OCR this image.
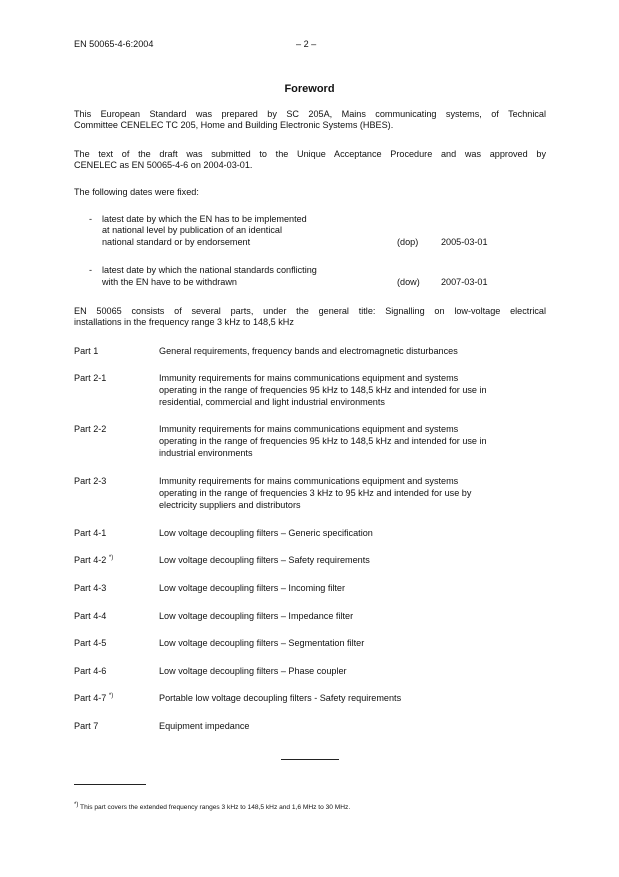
EN 50065-4-6:2004	– 2 –
Foreword
This European Standard was prepared by SC 205A, Mains communicating systems, of Technical
Committee CENELEC TC 205, Home and Building Electronic Systems (HBES).
The text of the draft was submitted to the Unique Acceptance Procedure and was approved by
CENELEC as EN 50065-4-6 on 2004-03-01.
The following dates were fixed:
- latest date by which the EN has to be implemented
at national level by publication of an identical
national standard or by endorsement	(dop)	2005-03-01
- latest date by which the national standards conflicting
with the EN have to be withdrawn	(dow) 2007-03-01
EN 50065 consists of several parts, under the general title: Signalling on low-voltage electrical
installations in the frequency range 3 kHz to 148,5 kHz
Part 1	General requirements, frequency bands and electromagnetic disturbances
Part 2-1	Immunity requirements for mains communications equipment and systems
operating in the range of frequencies 95 kHz to 148,5 kHz and intended for use in
residential, commercial and light industrial environments
Part 2-2	Immunity requirements for mains communications equipment and systems
operating in the range of frequencies 95 kHz to 148,5 kHz and intended for use in
industrial environments
Part 2-3	Immunity requirements for mains communications equipment and systems
operating in the range of frequencies 3 kHz to 95 kHz and intended for use by
electricity suppliers and distributors
Part 4-1	Low voltage decoupling filters – Generic specification
Part 4-2 *)	Low voltage decoupling filters – Safety requirements
Part 4-3	Low voltage decoupling filters – Incoming filter
Part 4-4	Low voltage decoupling filters – Impedance filter
Part 4-5	Low voltage decoupling filters – Segmentation filter
Part 4-6	Low voltage decoupling filters – Phase coupler
Part 4-7 *)	Portable low voltage decoupling filters - Safety requirements
Part 7	Equipment impedance
*) This part covers the extended frequency ranges 3 kHz to 148,5 kHz and 1,6 MHz to 30 MHz.
